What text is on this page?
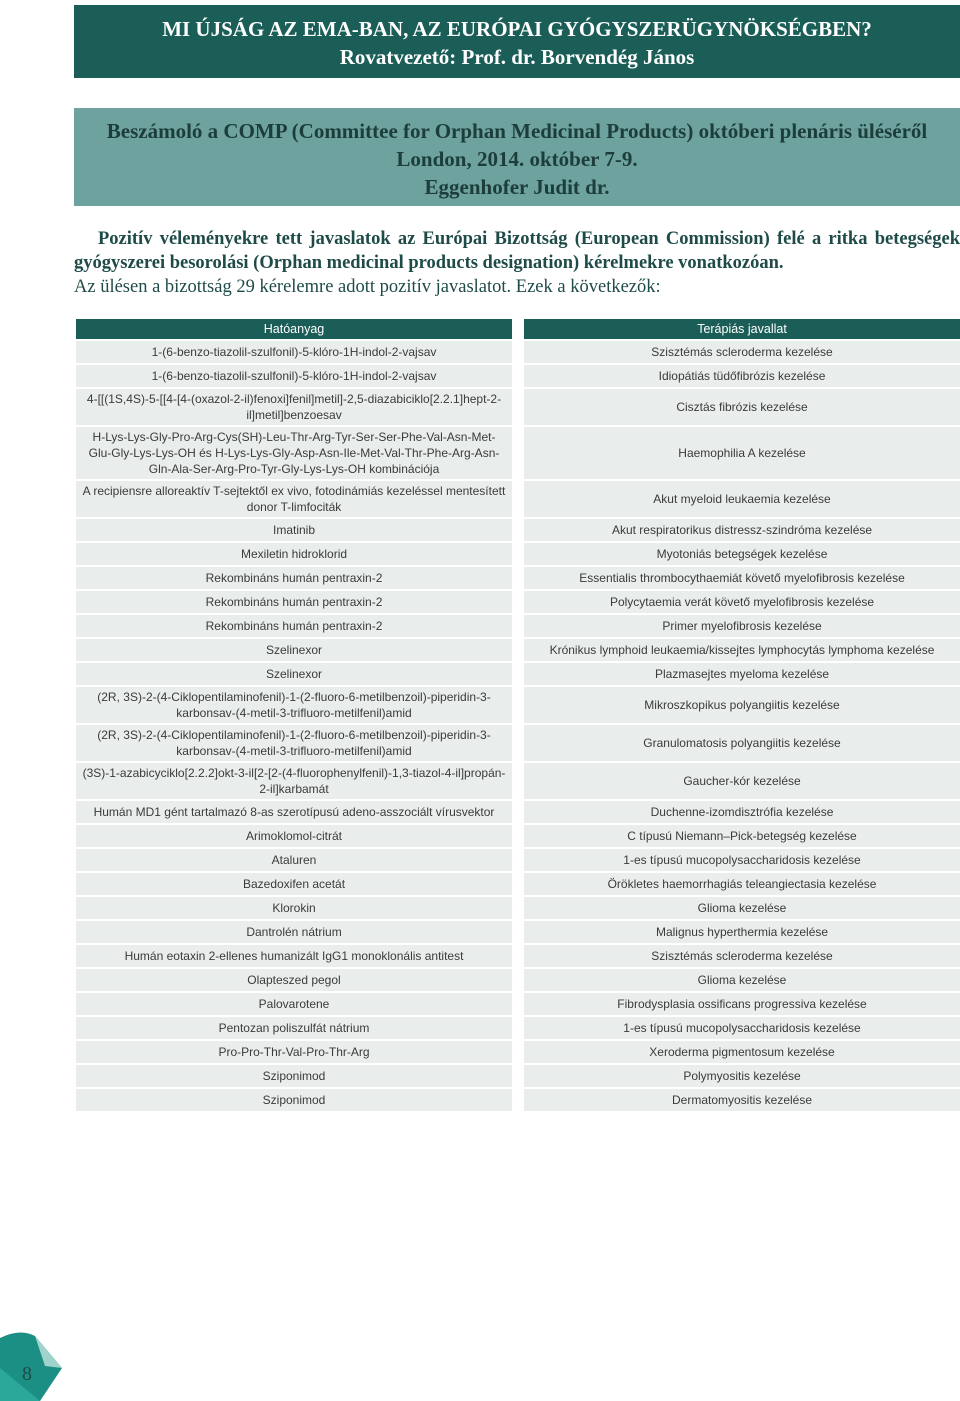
MI ÚJSÁG AZ EMA-BAN, AZ EURÓPAI GYÓGYSZERÜGYNÖKSÉGBEN?
Rovatvezető: Prof. dr. Borvendég János
Beszámoló a COMP (Committee for Orphan Medicinal Products) októberi plenáris üléséről
London, 2014. október 7-9.
Eggenhofer Judit dr.
Pozitív véleményekre tett javaslatok az Európai Bizottság (European Commission) felé a ritka betegségek gyógyszerei besorolási (Orphan medicinal products designation) kérelmekre vonatkozóan.
Az ülésen a bizottság 29 kérelemre adott pozitív javaslatot. Ezek a következők:
Hatóanyag		Terápiás javallat
1-(6-benzo-tiazolil-szulfonil)-5-klóro-1H-indol-2-vajsav		Szisztémás scleroderma kezelése
1-(6-benzo-tiazolil-szulfonil)-5-klóro-1H-indol-2-vajsav		Idiopátiás tüdőfibrózis kezelése
4-[[(1S,4S)-5-[[4-[4-(oxazol-2-il)fenoxi]fenil]metil]-2,5-diazabiciklo[2.2.1]hept-2-il]metil]benzoesav		Cisztás fibrózis kezelése
H-Lys-Lys-Gly-Pro-Arg-Cys(SH)-Leu-Thr-Arg-Tyr-Ser-Ser-Phe-Val-Asn-Met-Glu-Gly-Lys-Lys-OH és H-Lys-Lys-Gly-Asp-Asn-Ile-Met-Val-Thr-Phe-Arg-Asn-Gln-Ala-Ser-Arg-Pro-Tyr-Gly-Lys-Lys-OH kombinációja		Haemophilia A kezelése
A recipiensre alloreaktív T-sejtektől ex vivo, fotodinámiás kezeléssel mentesített donor T-limfociták		Akut myeloid leukaemia kezelése
Imatinib		Akut respiratorikus distressz-szindróma kezelése
Mexiletin hidroklorid		Myotoniás betegségek kezelése
Rekombináns humán pentraxin-2		Essentialis thrombocythaemiát követő myelofibrosis kezelése
Rekombináns humán pentraxin-2		Polycytaemia verát követő myelofibrosis kezelése
Rekombináns humán pentraxin-2		Primer myelofibrosis kezelése
Szelinexor		Krónikus lymphoid leukaemia/kissejtes lymphocytás lymphoma kezelése
Szelinexor		Plazmasejtes myeloma kezelése
(2R, 3S)-2-(4-Ciklopentilaminofenil)-1-(2-fluoro-6-metilbenzoil)-piperidin-3-karbonsav-(4-metil-3-trifluoro-metilfenil)amid		Mikroszkopikus polyangiitis kezelése
(2R, 3S)-2-(4-Ciklopentilaminofenil)-1-(2-fluoro-6-metilbenzoil)-piperidin-3-karbonsav-(4-metil-3-trifluoro-metilfenil)amid		Granulomatosis polyangiitis kezelése
(3S)-1-azabicyciklo[2.2.2]okt-3-il[2-[2-(4-fluorophenylfenil)-1,3-tiazol-4-il]propán-2-il]karbamát		Gaucher-kór kezelése
Humán MD1 gént tartalmazó 8-as szerotípusú adeno-asszociált vírusvektor		Duchenne-izomdisztrófia kezelése
Arimoklomol-citrát		C típusú Niemann–Pick-betegség kezelése
Ataluren		1-es típusú mucopolysaccharidosis kezelése
Bazedoxifen acetát		Örökletes haemorrhagiás teleangiectasia kezelése
Klorokin		Glioma kezelése
Dantrolén nátrium		Malignus hyperthermia kezelése
Humán eotaxin 2-ellenes humanizált IgG1 monoklonális antitest		Szisztémás scleroderma kezelése
Olapteszed pegol		Glioma kezelése
Palovarotene		Fibrodysplasia ossificans progressiva kezelése
Pentozan poliszulfát nátrium		1-es típusú mucopolysaccharidosis kezelése
Pro-Pro-Thr-Val-Pro-Thr-Arg		Xeroderma pigmentosum kezelése
Sziponimod		Polymyositis kezelése
Sziponimod		Dermatomyositis kezelése
8
